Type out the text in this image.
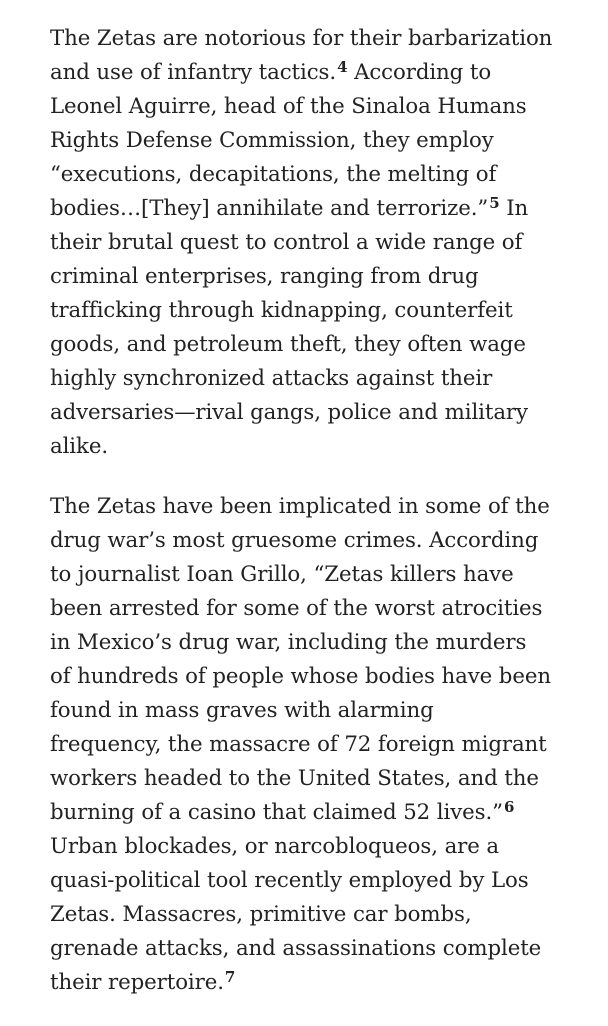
The Zetas are notorious for their barbarization
and use of infantry tactics.$^4$ According to
Leonel Aguirre, head of the Sinaloa Humans
Rights Defense Commission, they employ
“executions, decapitations, the melting of
bodies…[They] annihilate and terrorize.”$^5$ In
their brutal quest to control a wide range of
criminal enterprises, ranging from drug
trafficking through kidnapping, counterfeit
goods, and petroleum theft, they often wage
highly synchronized attacks against their
adversaries—rival gangs, police and military
alike.

The Zetas have been implicated in some of the
drug war’s most gruesome crimes. According
to journalist Ioan Grillo, “Zetas killers have
been arrested for some of the worst atrocities
in Mexico’s drug war, including the murders
of hundreds of people whose bodies have been
found in mass graves with alarming
frequency, the massacre of 72 foreign migrant
workers headed to the United States, and the
burning of a casino that claimed 52 lives.”$^6$
Urban blockades, or narcobloqueos, are a
quasi-political tool recently employed by Los
Zetas. Massacres, primitive car bombs,
grenade attacks, and assassinations complete
their repertoire.$^7$
